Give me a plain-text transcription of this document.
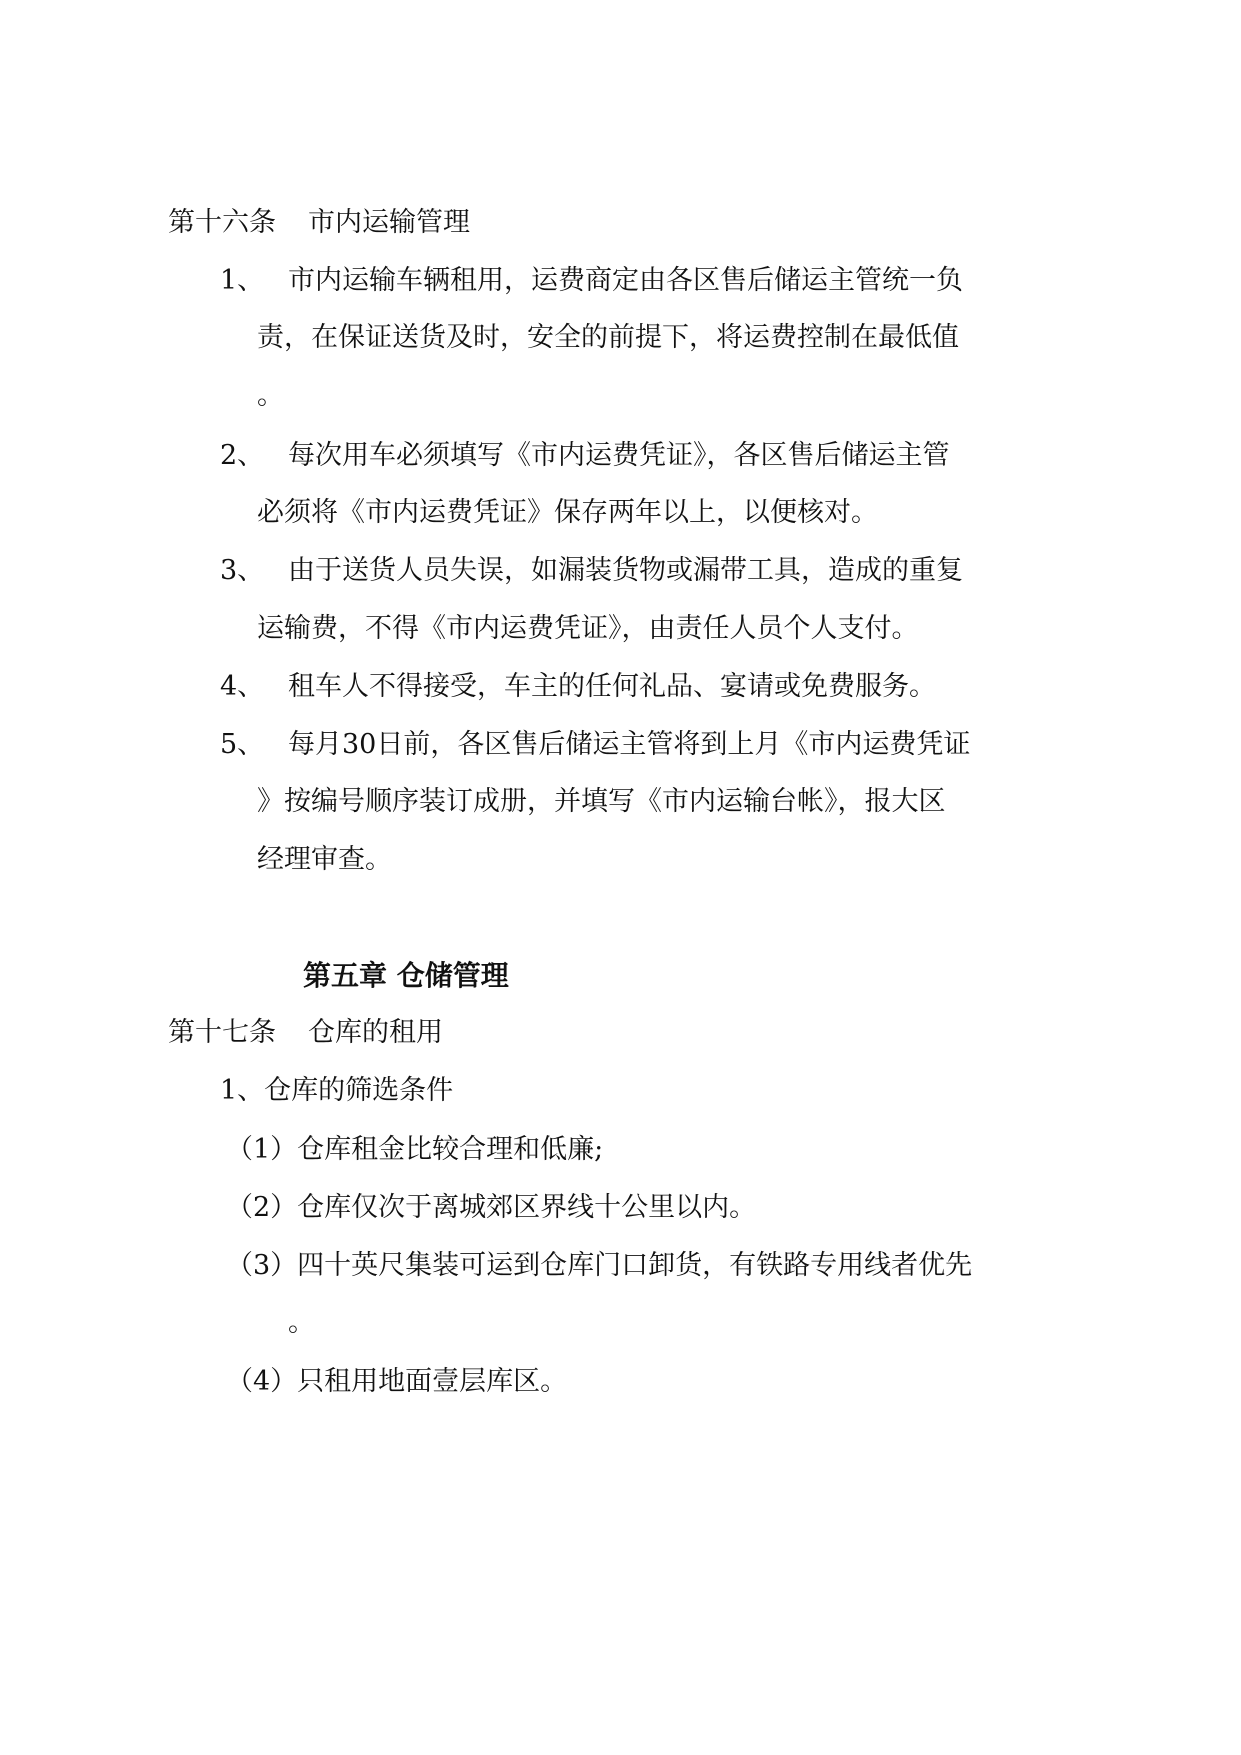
第十六条 市内运输管理
1、 市内运输车辆租用，运费商定由各区售后储运主管统一负
责，在保证送货及时，安全的前提下，将运费控制在最低值
。
2、 每次用车必须填写《市内运费凭证》，各区售后储运主管
必须将《市内运费凭证》保存两年以上，以便核对。
3、 由于送货人员失误，如漏装货物或漏带工具，造成的重复
运输费，不得《市内运费凭证》，由责任人员个人支付。
4、 租车人不得接受，车主的任何礼品、宴请或免费服务。
5、 每月30日前，各区售后储运主管将到上月《市内运费凭证
》按编号顺序装订成册，并填写《市内运输台帐》，报大区
经理审查。
第五章 仓储管理
第十七条 仓库的租用
1、仓库的筛选条件
（1）仓库租金比较合理和低廉;
（2）仓库仅次于离城郊区界线十公里以内。
（3）四十英尺集装可运到仓库门口卸货，有铁路专用线者优先
。
（4）只租用地面壹层库区。
